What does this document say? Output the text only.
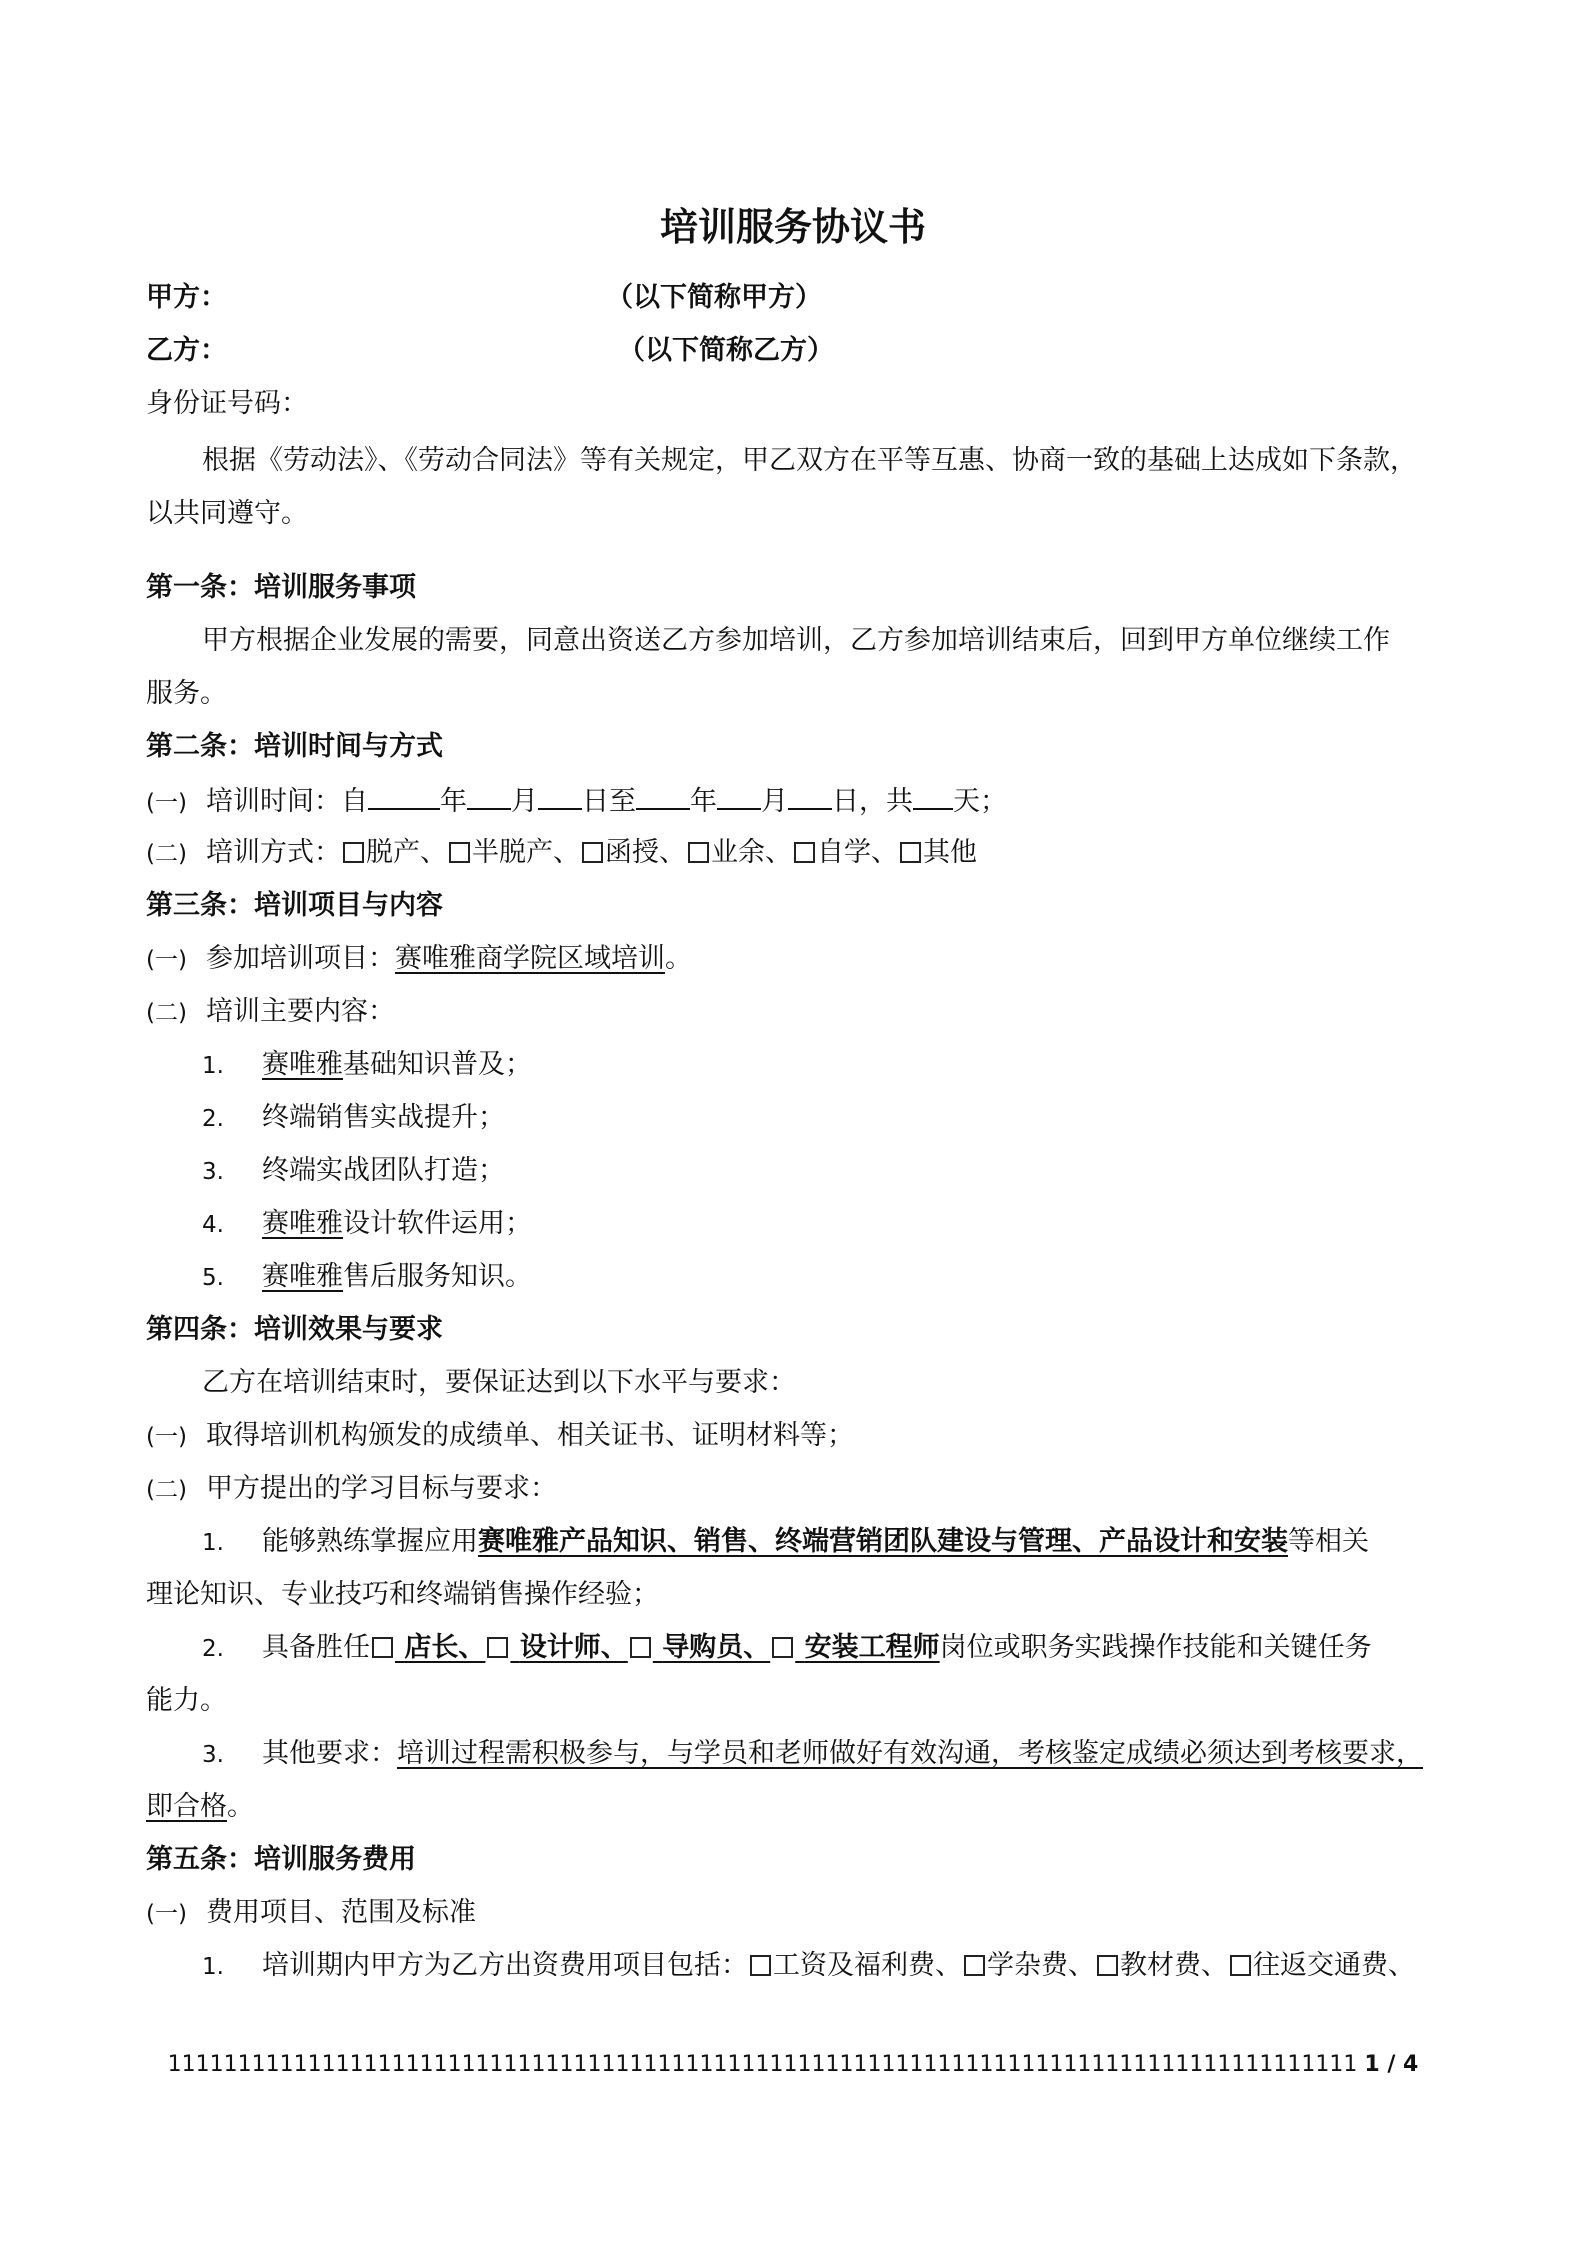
培训服务协议书
甲方：	（以下简称甲方）
乙方：	（以下简称乙方）
身份证号码：
根据《劳动法》、《劳动合同法》等有关规定，甲乙双方在平等互惠、协商一致的基础上达成如下条款，
以共同遵守。
第一条：培训服务事项
甲方根据企业发展的需要，同意出资送乙方参加培训，乙方参加培训结束后，回到甲方单位继续工作
服务。
第二条：培训时间与方式
(一) 培训时间：自	年 月 日至 年 月 日，共 天；
(二) 培训方式： 脱产、 半脱产、 函授、 业余、 自学、 其他
第三条：培训项目与内容
(一) 参加培训项目：赛唯雅商学院区域培训。
(二) 培训主要内容：
1. 赛唯雅基础知识普及；
2. 终端销售实战提升；
3. 终端实战团队打造；
4. 赛唯雅设计软件运用；
5. 赛唯雅售后服务知识。
第四条：培训效果与要求
乙方在培训结束时，要保证达到以下水平与要求：
(一) 取得培训机构颁发的成绩单、相关证书、证明材料等；
(二) 甲方提出的学习目标与要求：
1. 能够熟练掌握应用赛唯雅产品知识、销售、终端营销团队建设与管理、产品设计和安装等相关
理论知识、专业技巧和终端销售操作经验；
2. 具备胜任 店长、 设计师、 导购员、 安装工程师岗位或职务实践操作技能和关键任务
能力。
3. 其他要求：培训过程需积极参与，与学员和老师做好有效沟通，考核鉴定成绩必须达到考核要求，
即合格。
第五条：培训服务费用
(一) 费用项目、范围及标准
1. 培训期内甲方为乙方出资费用项目包括： 工资及福利费、 学杂费、 教材费、 往返交通费、
1111111111111111111111111111111111111111111111111111111111111111111111111111111111111 1 / 4
